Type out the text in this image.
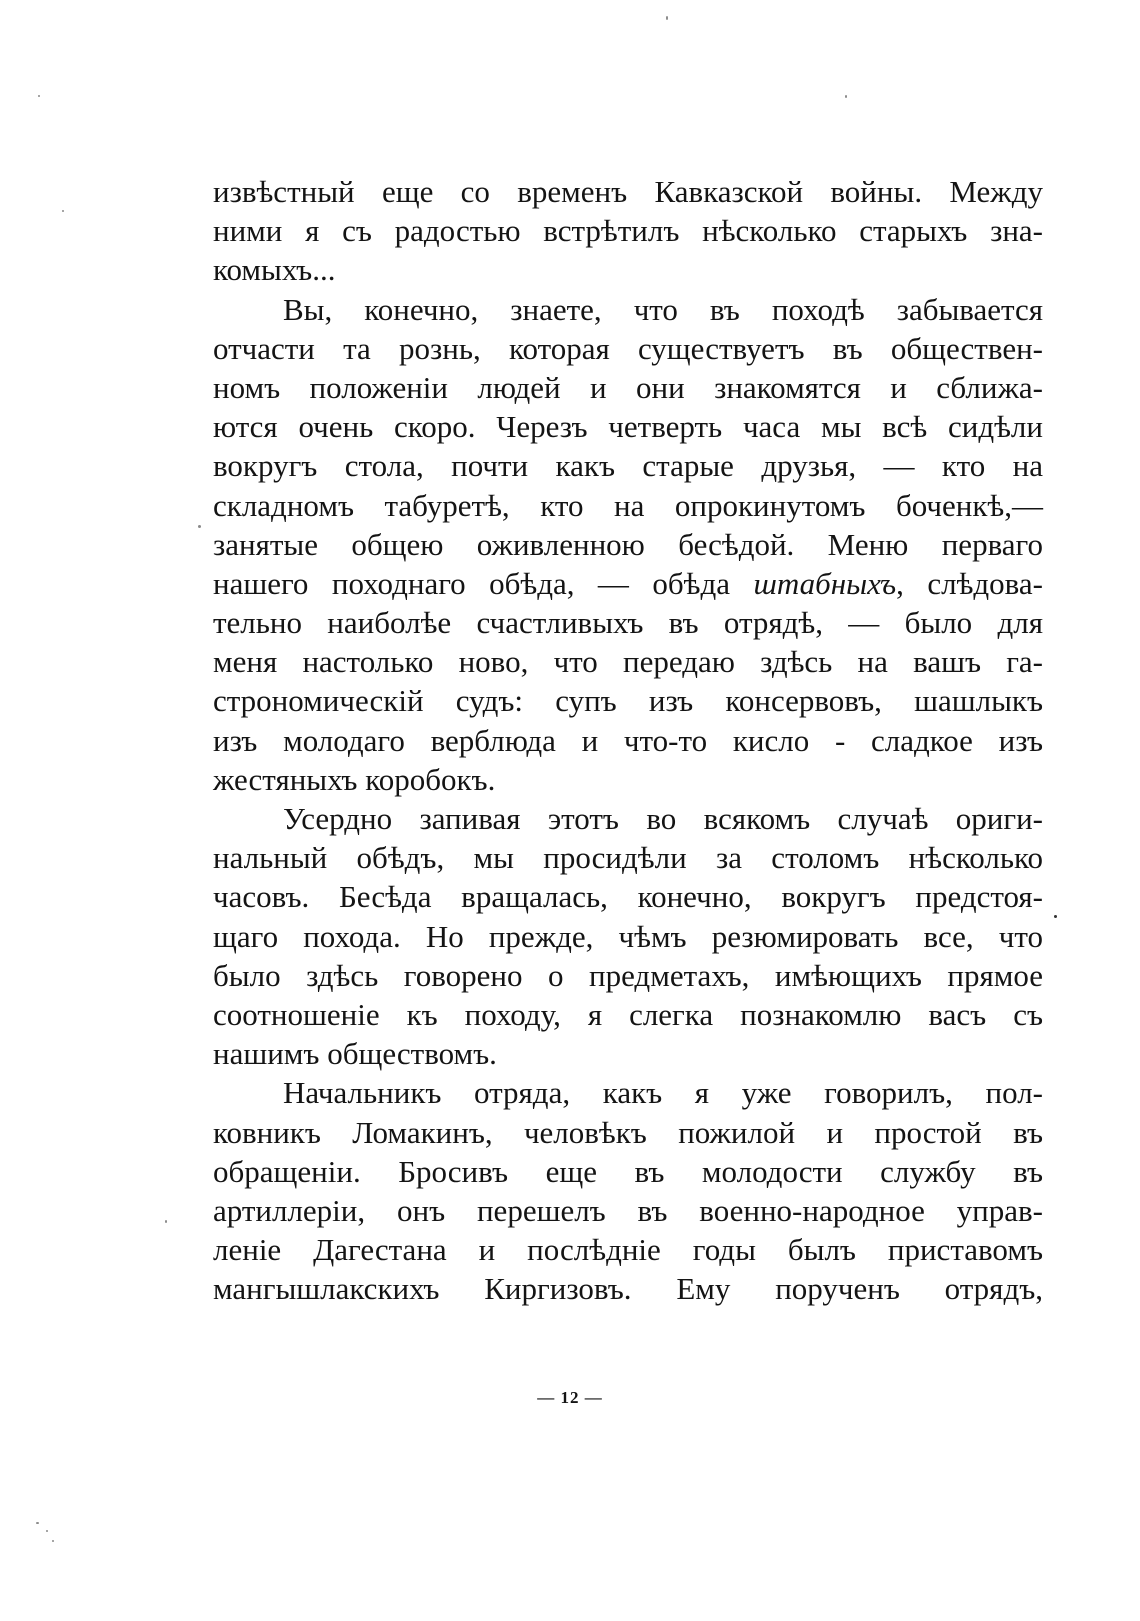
извѣстный еще со временъ Кавказской войны. Между
ними я съ радостью встрѣтилъ нѣсколько старыхъ зна-
комыхъ...
Вы, конечно, знаете, что въ походѣ забывается
отчасти та рознь, которая существуетъ въ обществен-
номъ положеніи людей и они знакомятся и сближа-
ются очень скоро. Черезъ четверть часа мы всѣ сидѣли
вокругъ стола, почти какъ старые друзья, — кто на
складномъ табуретѣ, кто на опрокинутомъ боченкѣ,—
занятые общею оживленною бесѣдой. Меню перваго
нашего походнаго обѣда, — обѣда штабныхъ, слѣдова-
тельно наиболѣе счастливыхъ въ отрядѣ, — было для
меня настолько ново, что передаю здѣсь на вашъ га-
строномическій судъ: супъ изъ консервовъ, шашлыкъ
изъ молодаго верблюда и что-то кисло - сладкое изъ
жестяныхъ коробокъ.
Усердно запивая этотъ во всякомъ случаѣ ориги-
нальный обѣдъ, мы просидѣли за столомъ нѣсколько
часовъ. Бесѣда вращалась, конечно, вокругъ предстоя-
щаго похода. Но прежде, чѣмъ резюмировать все, что
было здѣсь говорено о предметахъ, имѣющихъ прямое
соотношеніе къ походу, я слегка познакомлю васъ съ
нашимъ обществомъ.
Начальникъ отряда, какъ я уже говорилъ, пол-
ковникъ Ломакинъ, человѣкъ пожилой и простой въ
обращеніи. Бросивъ еще въ молодости службу въ
артиллеріи, онъ перешелъ въ военно-народное управ-
леніе Дагестана и послѣдніе годы былъ приставомъ
мангышлакскихъ Киргизовъ. Ему порученъ отрядъ,
— 12 —
